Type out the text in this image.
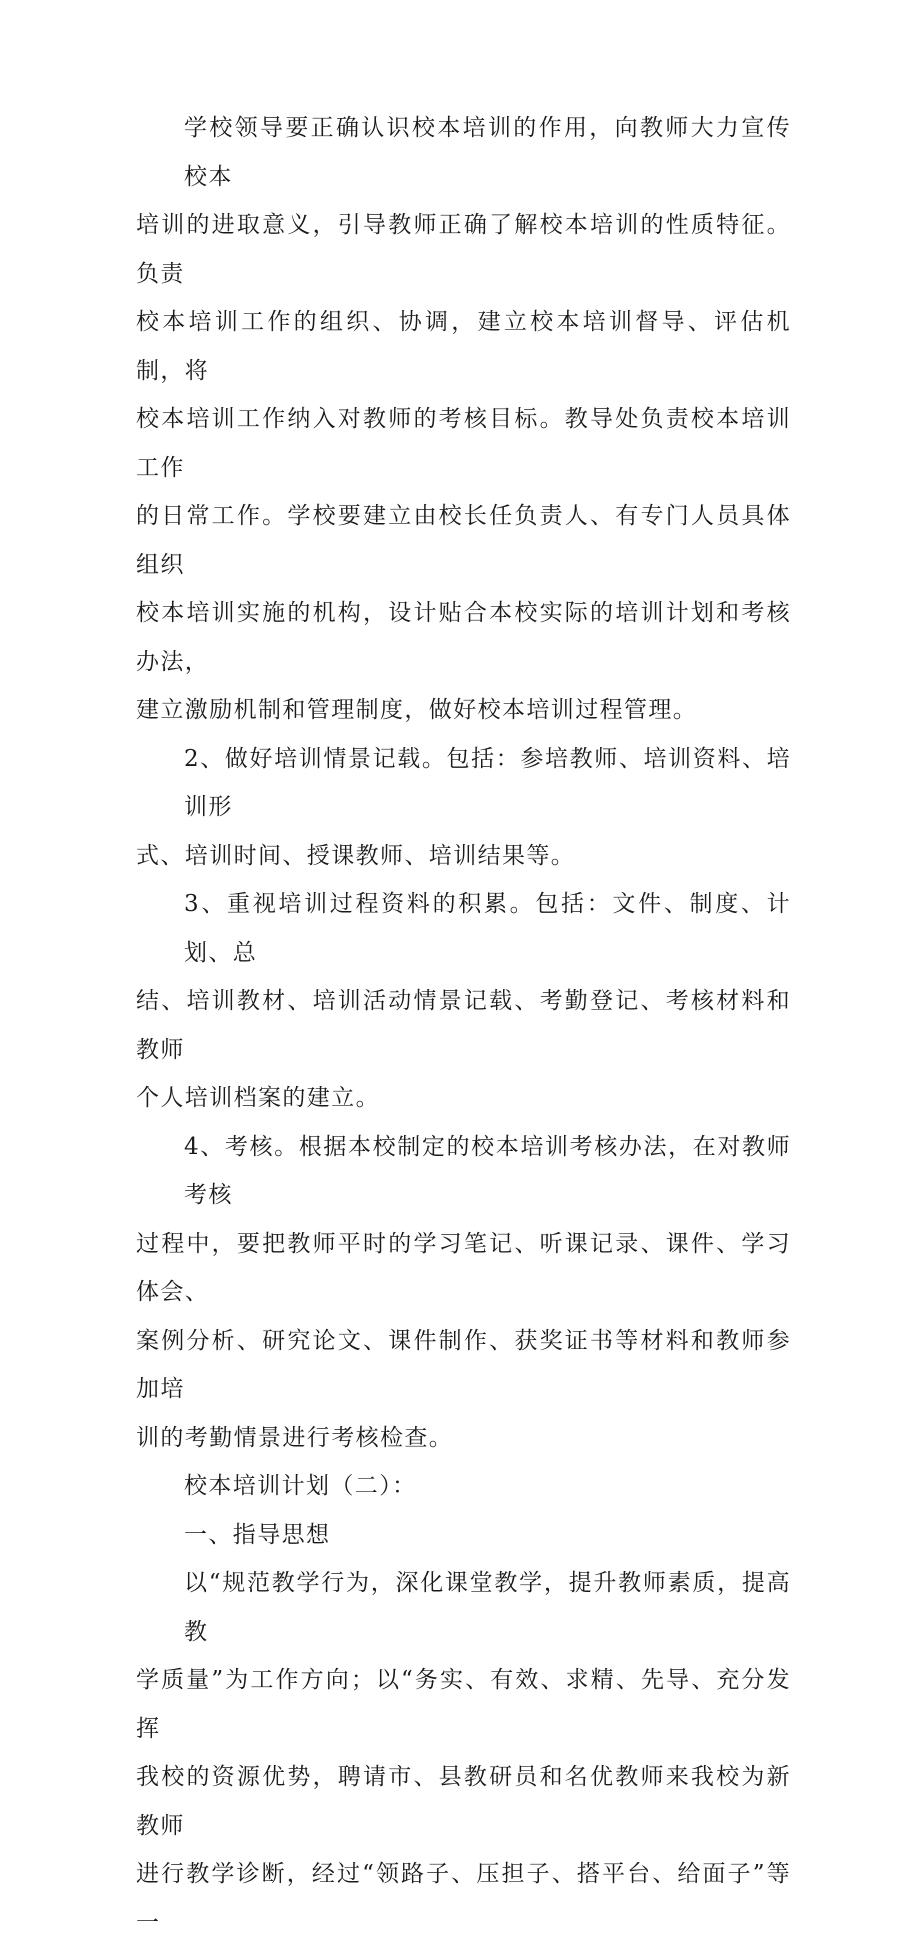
学校领导要正确认识校本培训的作用，向教师大力宣传校本
培训的进取意义，引导教师正确了解校本培训的性质特征。负责
校本培训工作的组织、协调，建立校本培训督导、评估机制，将
校本培训工作纳入对教师的考核目标。教导处负责校本培训工作
的日常工作。学校要建立由校长任负责人、有专门人员具体组织
校本培训实施的机构，设计贴合本校实际的培训计划和考核办法，
建立激励机制和管理制度，做好校本培训过程管理。

2、做好培训情景记载。包括：参培教师、培训资料、培训形
式、培训时间、授课教师、培训结果等。

3、重视培训过程资料的积累。包括：文件、制度、计划、总
结、培训教材、培训活动情景记载、考勤登记、考核材料和教师
个人培训档案的建立。

4、考核。根据本校制定的校本培训考核办法，在对教师考核
过程中，要把教师平时的学习笔记、听课记录、课件、学习体会、
案例分析、研究论文、课件制作、获奖证书等材料和教师参加培
训的考勤情景进行考核检查。

校本培训计划（二）：

一、指导思想

以“规范教学行为，深化课堂教学，提升教师素质，提高教
学质量”为工作方向；以“务实、有效、求精、先导、充分发挥
我校的资源优势，聘请市、县教研员和名优教师来我校为新教师
进行教学诊断，经过“领路子、压担子、搭平台、给面子”等一
